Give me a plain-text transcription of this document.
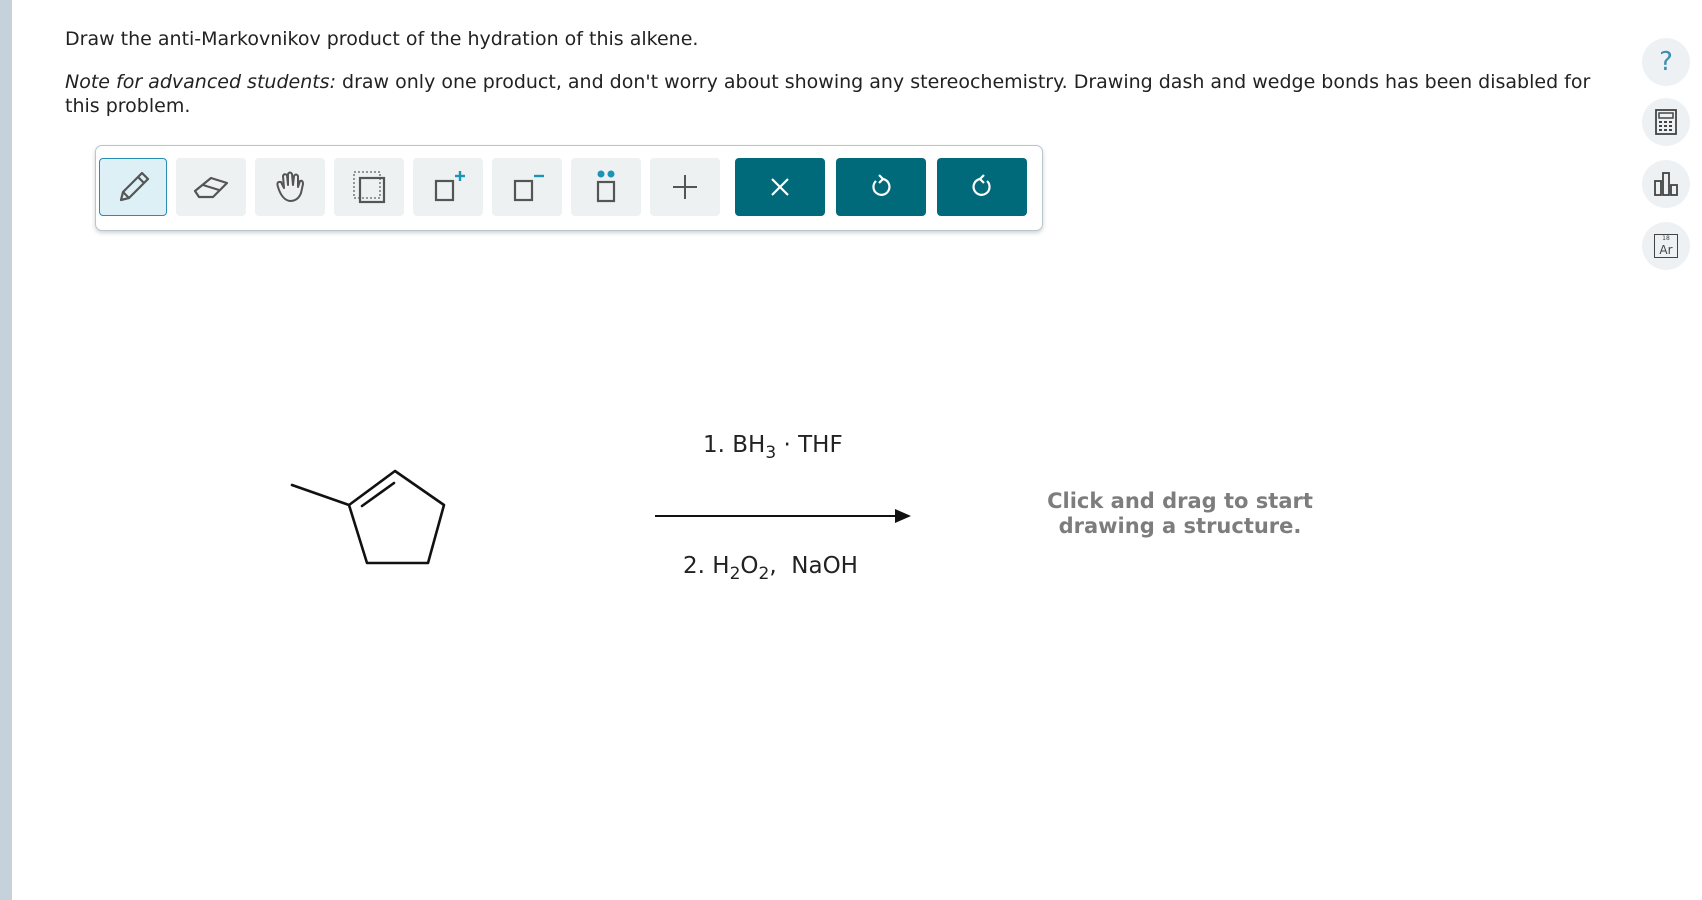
Draw the anti-Markovnikov product of the hydration of this alkene.
Note for advanced students: draw only one product, and don't worry about showing any stereochemistry. Drawing dash and wedge bonds has been disabled for this problem.
?
18
Ar
1. $BH_3$ · THF
2. $H_2O_2$, NaOH
Click and drag to start
drawing a structure.
